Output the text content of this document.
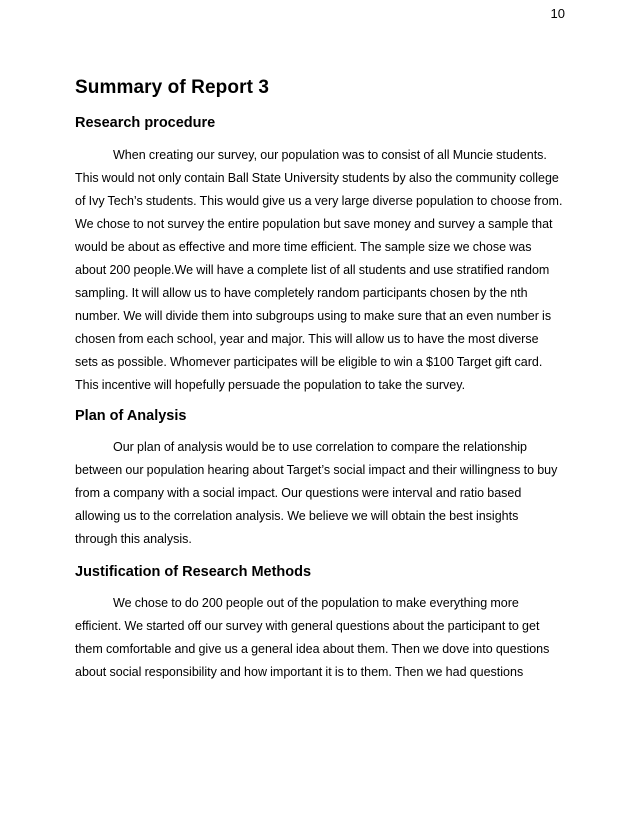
10
Summary of Report 3
Research procedure

When creating our survey, our population was to consist of all Muncie students. This would not only contain Ball State University students by also the community college of Ivy Tech’s students. This would give us a very large diverse population to choose from. We chose to not survey the entire population but save money and survey a sample that would be about as effective and more time efficient. The sample size we chose was about 200 people.We will have a complete list of all students and use stratified random sampling. It will allow us to have completely random participants chosen by the nth number. We will divide them into subgroups using to make sure that an even number is chosen from each school, year and major. This will allow us to have the most diverse sets as possible. Whomever participates will be eligible to win a $100 Target gift card. This incentive will hopefully persuade the population to take the survey.

Plan of Analysis

Our plan of analysis would be to use correlation to compare the relationship between our population hearing about Target’s social impact and their willingness to buy from a company with a social impact. Our questions were interval and ratio based allowing us to the correlation analysis. We believe we will obtain the best insights through this analysis.

Justification of Research Methods

We chose to do 200 people out of the population to make everything more efficient. We started off our survey with general questions about the participant to get them comfortable and give us a general idea about them. Then we dove into questions about social responsibility and how important it is to them. Then we had questions
